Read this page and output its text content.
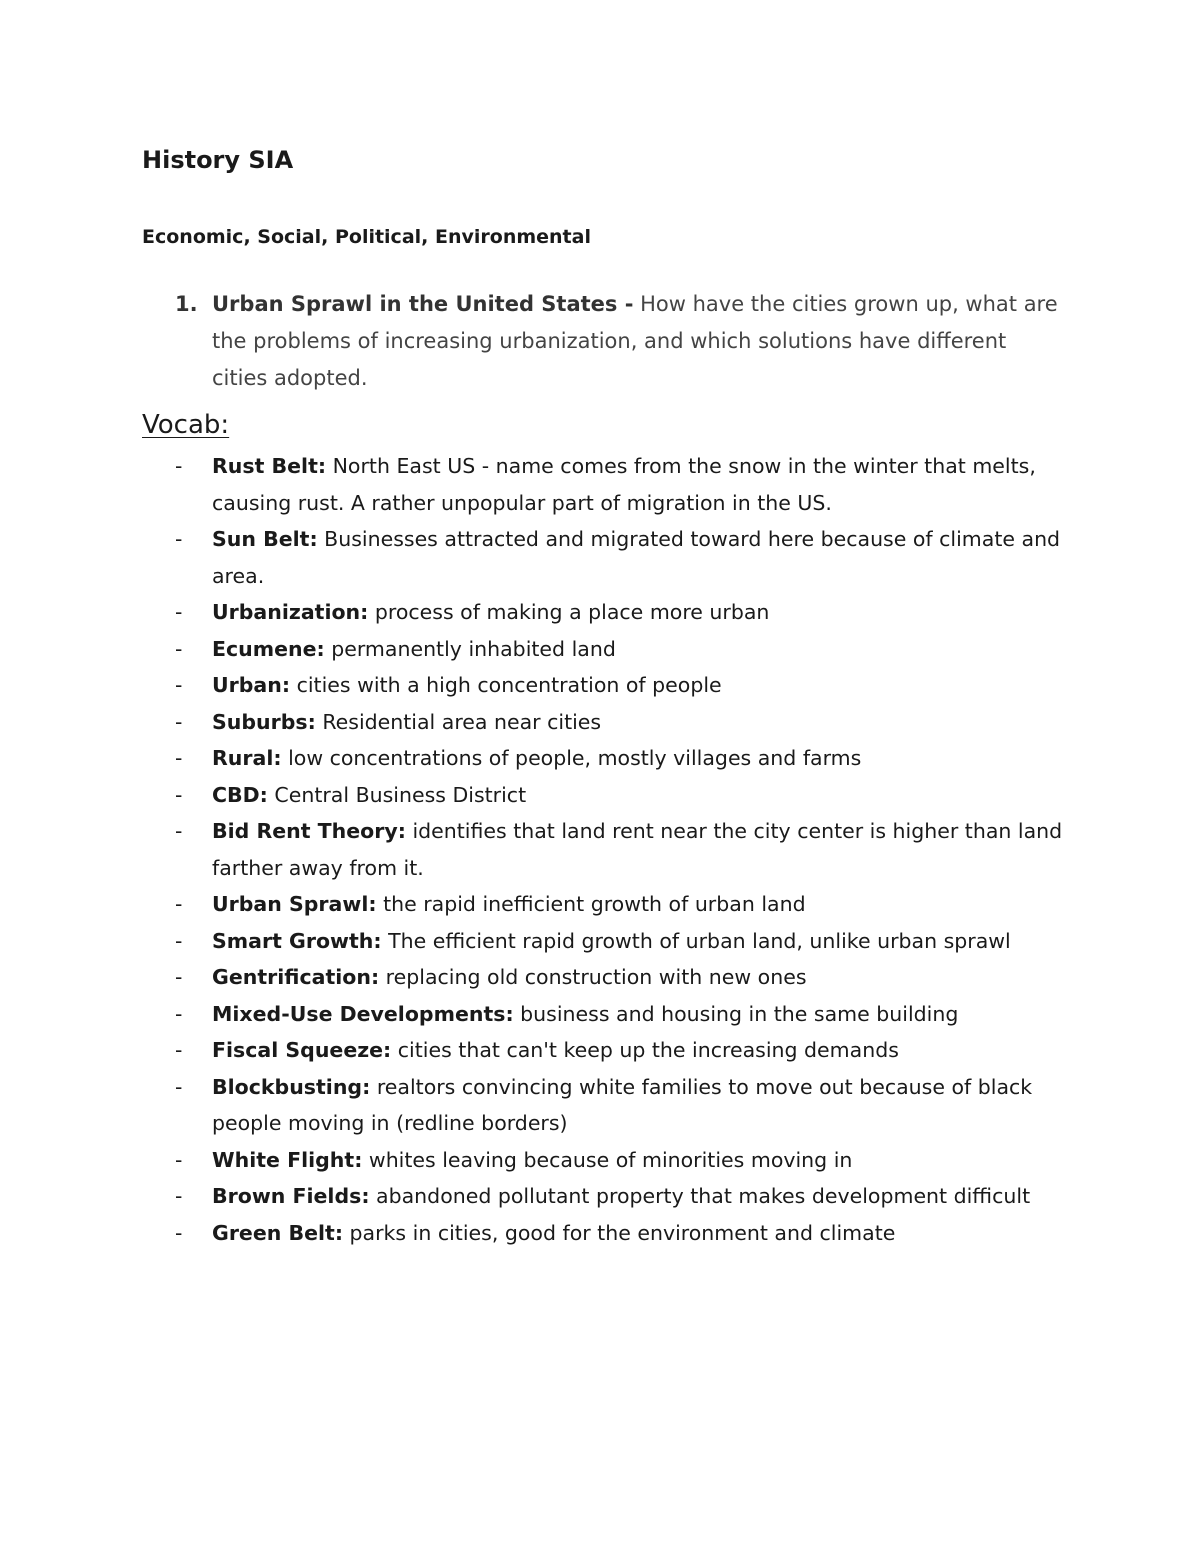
History SIA
Economic, Social, Political, Environmental
1. Urban Sprawl in the United States - How have the cities grown up, what are the problems of increasing urbanization, and which solutions have different cities adopted.
Vocab:
- Rust Belt: North East US - name comes from the snow in the winter that melts, causing rust. A rather unpopular part of migration in the US.
- Sun Belt: Businesses attracted and migrated toward here because of climate and area.
- Urbanization: process of making a place more urban
- Ecumene: permanently inhabited land
- Urban: cities with a high concentration of people
- Suburbs: Residential area near cities
- Rural: low concentrations of people, mostly villages and farms
- CBD: Central Business District
- Bid Rent Theory: identifies that land rent near the city center is higher than land farther away from it.
- Urban Sprawl: the rapid inefficient growth of urban land
- Smart Growth: The efficient rapid growth of urban land, unlike urban sprawl
- Gentrification: replacing old construction with new ones
- Mixed-Use Developments: business and housing in the same building
- Fiscal Squeeze: cities that can't keep up the increasing demands
- Blockbusting: realtors convincing white families to move out because of black people moving in (redline borders)
- White Flight: whites leaving because of minorities moving in
- Brown Fields: abandoned pollutant property that makes development difficult
- Green Belt: parks in cities, good for the environment and climate
